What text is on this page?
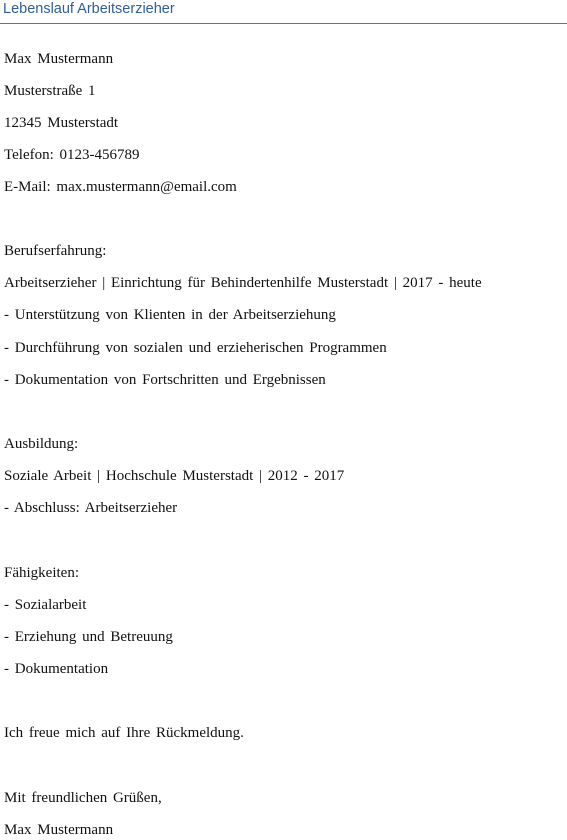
Lebenslauf Arbeitserzieher
Max Mustermann
Musterstraße 1
12345 Musterstadt
Telefon: 0123-456789
E-Mail: max.mustermann@email.com
Berufserfahrung:
Arbeitserzieher | Einrichtung für Behindertenhilfe Musterstadt | 2017 - heute
- Unterstützung von Klienten in der Arbeitserziehung
- Durchführung von sozialen und erzieherischen Programmen
- Dokumentation von Fortschritten und Ergebnissen
Ausbildung:
Soziale Arbeit | Hochschule Musterstadt | 2012 - 2017
- Abschluss: Arbeitserzieher
Fähigkeiten:
- Sozialarbeit
- Erziehung und Betreuung
- Dokumentation
Ich freue mich auf Ihre Rückmeldung.
Mit freundlichen Grüßen,
Max Mustermann
